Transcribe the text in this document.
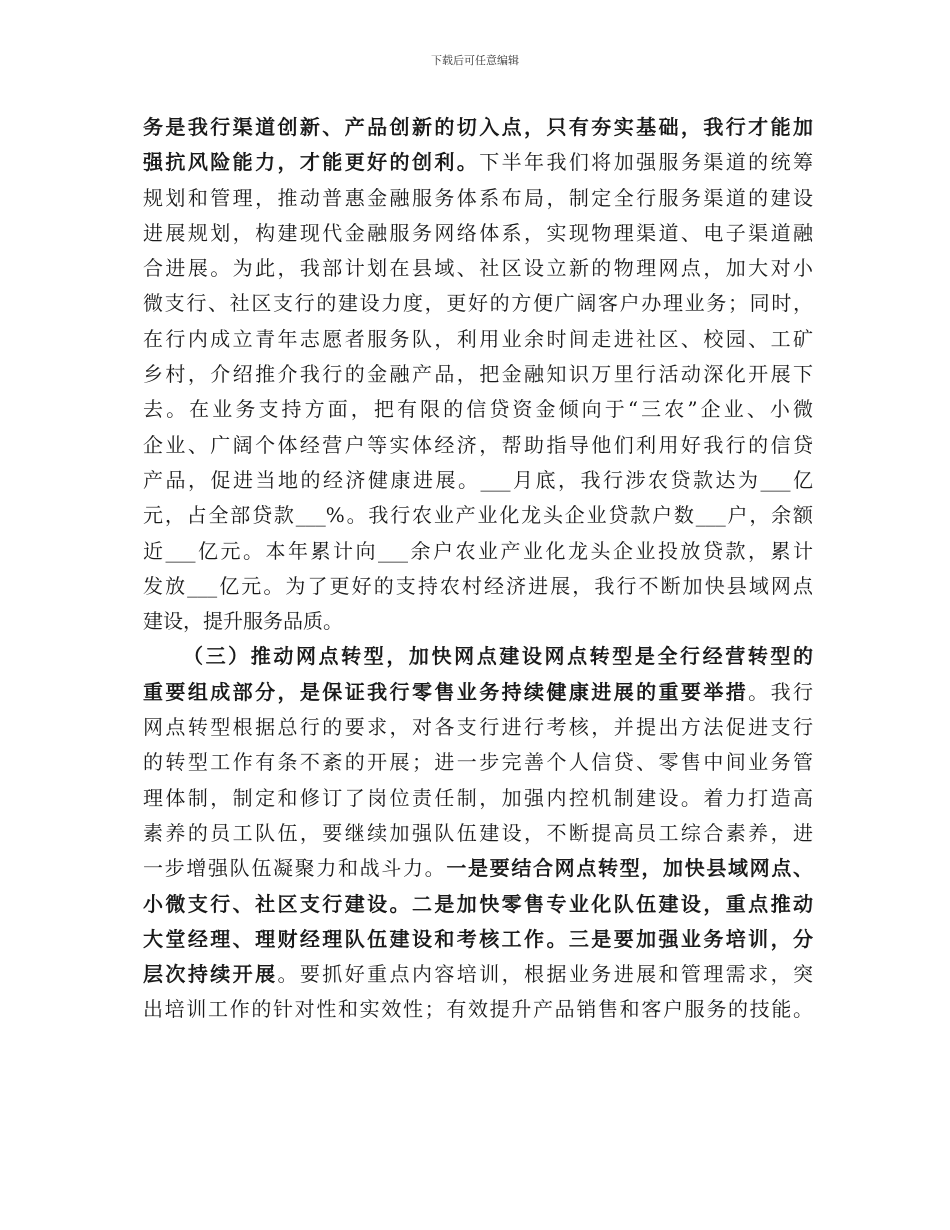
下载后可任意编辑
务是我行渠道创新、产品创新的切入点，只有夯实基础，我行才能加
强抗风险能力，才能更好的创利。下半年我们将加强服务渠道的统筹
规划和管理，推动普惠金融服务体系布局，制定全行服务渠道的建设
进展规划，构建现代金融服务网络体系，实现物理渠道、电子渠道融
合进展。为此，我部计划在县域、社区设立新的物理网点，加大对小
微支行、社区支行的建设力度，更好的方便广阔客户办理业务；同时，
在行内成立青年志愿者服务队，利用业余时间走进社区、校园、工矿
乡村，介绍推介我行的金融产品，把金融知识万里行活动深化开展下
去。在业务支持方面，把有限的信贷资金倾向于“三农”企业、小微
企业、广阔个体经营户等实体经济，帮助指导他们利用好我行的信贷
产品，促进当地的经济健康进展。___月底，我行涉农贷款达为___亿
元，占全部贷款___%。我行农业产业化龙头企业贷款户数___户，余额
近___亿元。本年累计向___余户农业产业化龙头企业投放贷款，累计
发放___亿元。为了更好的支持农村经济进展，我行不断加快县域网点
建设，提升服务品质。
（三）推动网点转型，加快网点建设网点转型是全行经营转型的
重要组成部分，是保证我行零售业务持续健康进展的重要举措。我行
网点转型根据总行的要求，对各支行进行考核，并提出方法促进支行
的转型工作有条不紊的开展；进一步完善个人信贷、零售中间业务管
理体制，制定和修订了岗位责任制，加强内控机制建设。着力打造高
素养的员工队伍，要继续加强队伍建设，不断提高员工综合素养，进
一步增强队伍凝聚力和战斗力。一是要结合网点转型，加快县域网点、
小微支行、社区支行建设。二是加快零售专业化队伍建设，重点推动
大堂经理、理财经理队伍建设和考核工作。三是要加强业务培训，分
层次持续开展。要抓好重点内容培训，根据业务进展和管理需求，突
出培训工作的针对性和实效性；有效提升产品销售和客户服务的技能。
